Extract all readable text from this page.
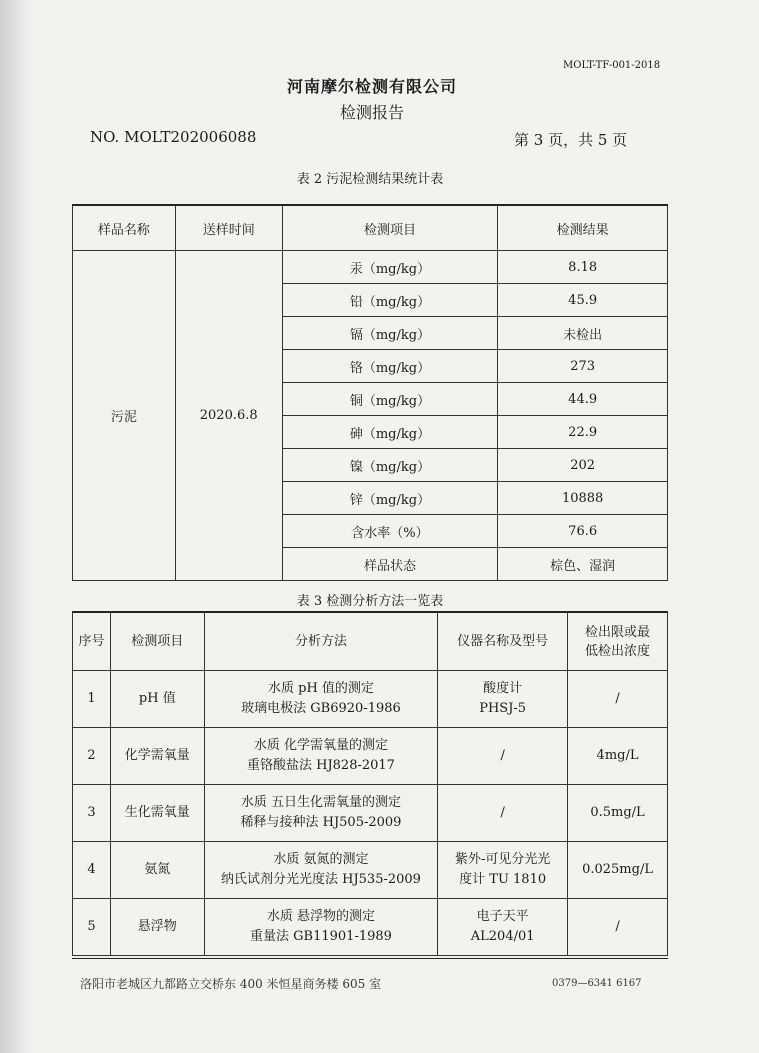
MOLT-TF-001-2018
河南摩尔检测有限公司
检测报告
NO. MOLT202006088	第 3 页，共 5 页
表 2 污泥检测结果统计表
样品名称	送样时间	检测项目	检测结果
污泥	2020.6.8	汞（mg/kg）	8.18
		铅（mg/kg）	45.9
		镉（mg/kg）	未检出
		铬（mg/kg）	273
		铜（mg/kg）	44.9
		砷（mg/kg）	22.9
		镍（mg/kg）	202
		锌（mg/kg）	10888
		含水率（%）	76.6
		样品状态	棕色、湿润
表 3 检测分析方法一览表
序号	检测项目	分析方法	仪器名称及型号	检出限或最
低检出浓度
1	pH 值	水质 pH 值的测定
玻璃电极法 GB6920-1986	酸度计
PHSJ-5	/
2	化学需氧量	水质 化学需氧量的测定
重铬酸盐法 HJ828-2017	/	4mg/L
3	生化需氧量	水质 五日生化需氧量的测定
稀释与接种法 HJ505-2009	/	0.5mg/L
4	氨氮	水质 氨氮的测定
纳氏试剂分光光度法 HJ535-2009	紫外-可见分光光
度计 TU 1810	0.025mg/L
5	悬浮物	水质 悬浮物的测定
重量法 GB11901-1989	电子天平
AL204/01	/
洛阳市老城区九都路立交桥东 400 米恒星商务楼 605 室	0379—6341 6167
